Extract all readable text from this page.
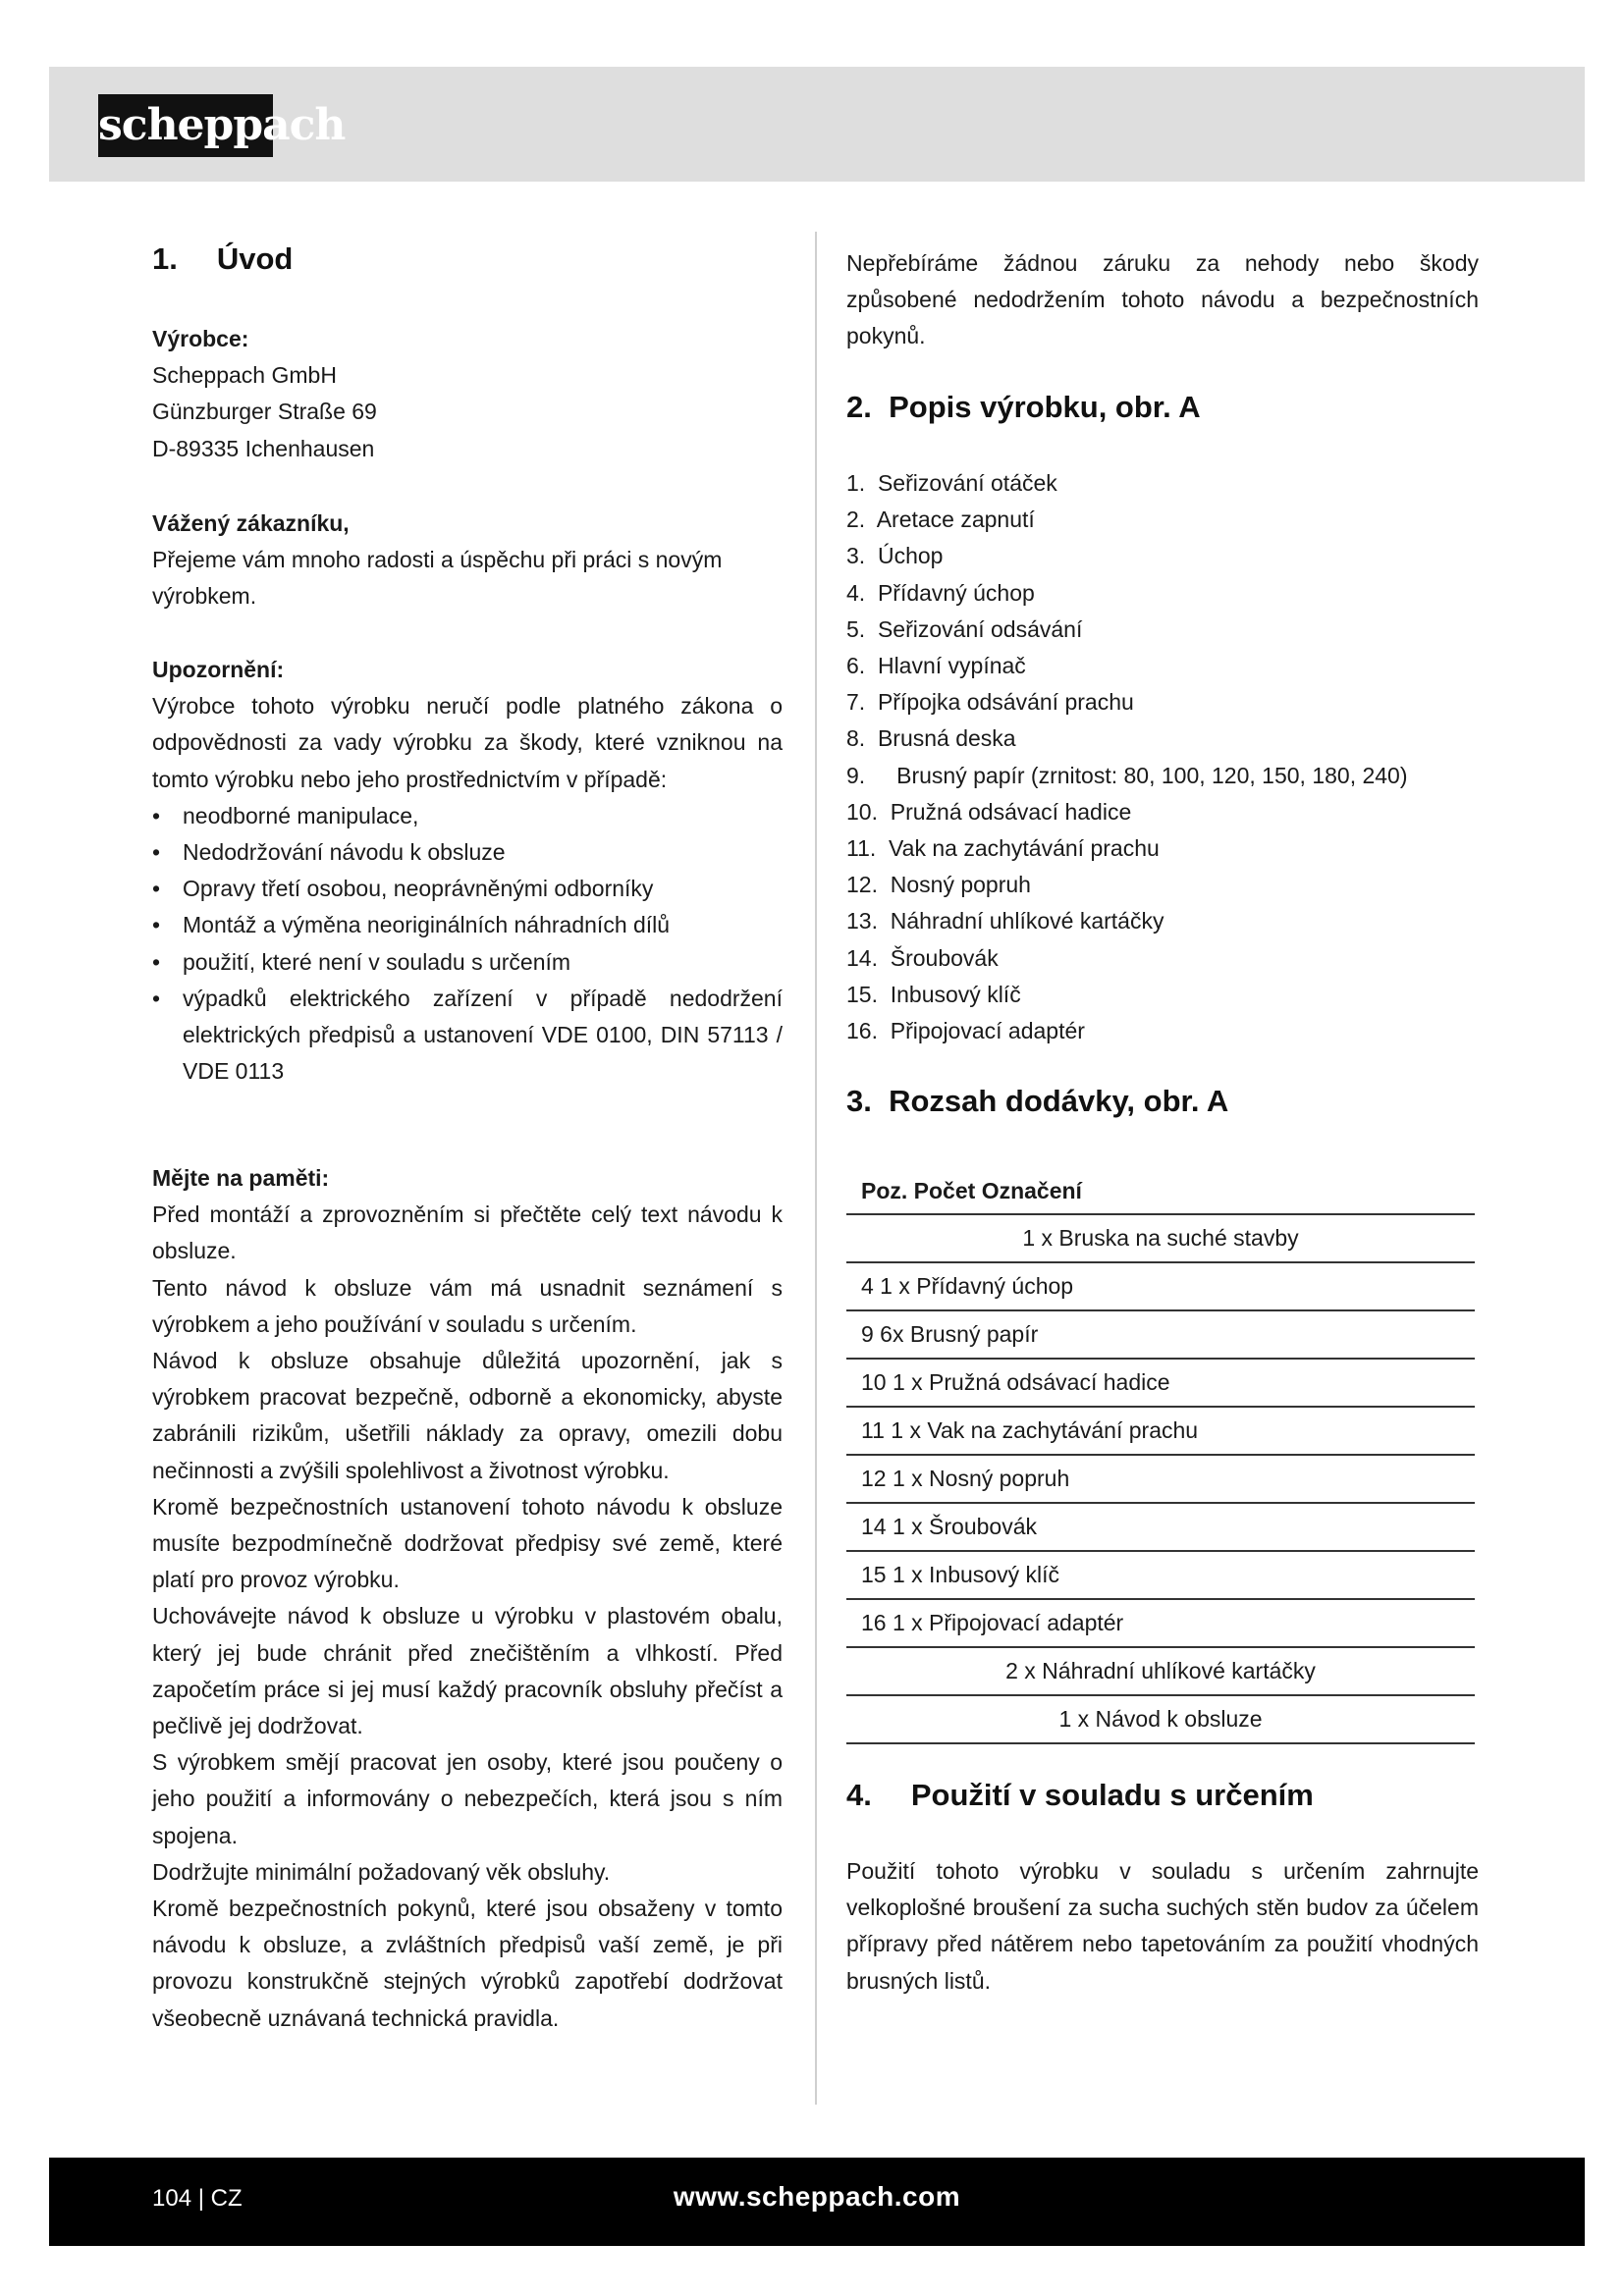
scheppach
1. Úvod
Výrobce:
Scheppach GmbH
Günzburger Straße 69
D-89335 Ichenhausen
Vážený zákazníku,

Přejeme vám mnoho radosti a úspěchu při práci s novým výrobkem.

Upozornění:

Výrobce tohoto výrobku neručí podle platného zákona o odpovědnosti za vady výrobku za škody, které vzniknou na tomto výrobku nebo jeho prostřednictvím v případě:

• neodborné manipulace,
• Nedodržování návodu k obsluze
• Opravy třetí osobou, neoprávněnými odborníky
• Montáž a výměna neoriginálních náhradních dílů
• použití, které není v souladu s určením
• výpadků elektrického zařízení v případě nedodržení elektrických předpisů a ustanovení VDE 0100, DIN 57113 / VDE 0113
Mějte na paměti:

Před montáží a zprovozněním si přečtěte celý text návodu k obsluze.

Tento návod k obsluze vám má usnadnit seznámení s výrobkem a jeho používání v souladu s určením.

Návod k obsluze obsahuje důležitá upozornění, jak s výrobkem pracovat bezpečně, odborně a ekonomicky, abyste zabránili rizikům, ušetřili náklady za opravy, omezili dobu nečinnosti a zvýšili spolehlivost a životnost výrobku.

Kromě bezpečnostních ustanovení tohoto návodu k obsluze musíte bezpodmínečně dodržovat předpisy své země, které platí pro provoz výrobku.

Uchovávejte návod k obsluze u výrobku v plastovém obalu, který jej bude chránit před znečištěním a vlhkostí. Před započetím práce si jej musí každý pracovník obsluhy přečíst a pečlivě jej dodržovat.

S výrobkem smějí pracovat jen osoby, které jsou poučeny o jeho použití a informovány o nebezpečích, která jsou s ním spojena.

Dodržujte minimální požadovaný věk obsluhy.

Kromě bezpečnostních pokynů, které jsou obsaženy v tomto návodu k obsluze, a zvláštních předpisů vaší země, je při provozu konstrukčně stejných výrobků zapotřebí dodržovat všeobecně uznávaná technická pravidla.

Nepřebíráme žádnou záruku za nehody nebo škody způsobené nedodržením tohoto návodu a bezpečnostních pokynů.

2.  Popis výrobku, obr. A
1.  Seřizování otáček
2.  Aretace zapnutí
3.  Úchop
4.  Přídavný úchop
5.  Seřizování odsávání
6.  Hlavní vypínač
7.  Přípojka odsávání prachu
8.  Brusná deska
9.     Brusný papír (zrnitost: 80, 100, 120, 150, 180, 240)
10.  Pružná odsávací hadice
11.  Vak na zachytávání prachu
12.  Nosný popruh
13.  Náhradní uhlíkové kartáčky
14.  Šroubovák
15.  Inbusový klíč
16.  Připojovací adaptér
3.  Rozsah dodávky, obr. A
Poz. Počet Označení
1 x Bruska na suché stavby
4 1 x Přídavný úchop
9 6x Brusný papír
10 1 x Pružná odsávací hadice
11 1 x Vak na zachytávání prachu
12 1 x Nosný popruh
14 1 x Šroubovák
15 1 x Inbusový klíč
16 1 x Připojovací adaptér
2 x Náhradní uhlíkové kartáčky
1 x Návod k obsluze
4. Použití v souladu s určením

Použití tohoto výrobku v souladu s určením zahrnujte velkoplošné broušení za sucha suchých stěn budov za účelem přípravy před nátěrem nebo tapetováním za použití vhodných brusných listů.

104 | CZ	www.scheppach.com
